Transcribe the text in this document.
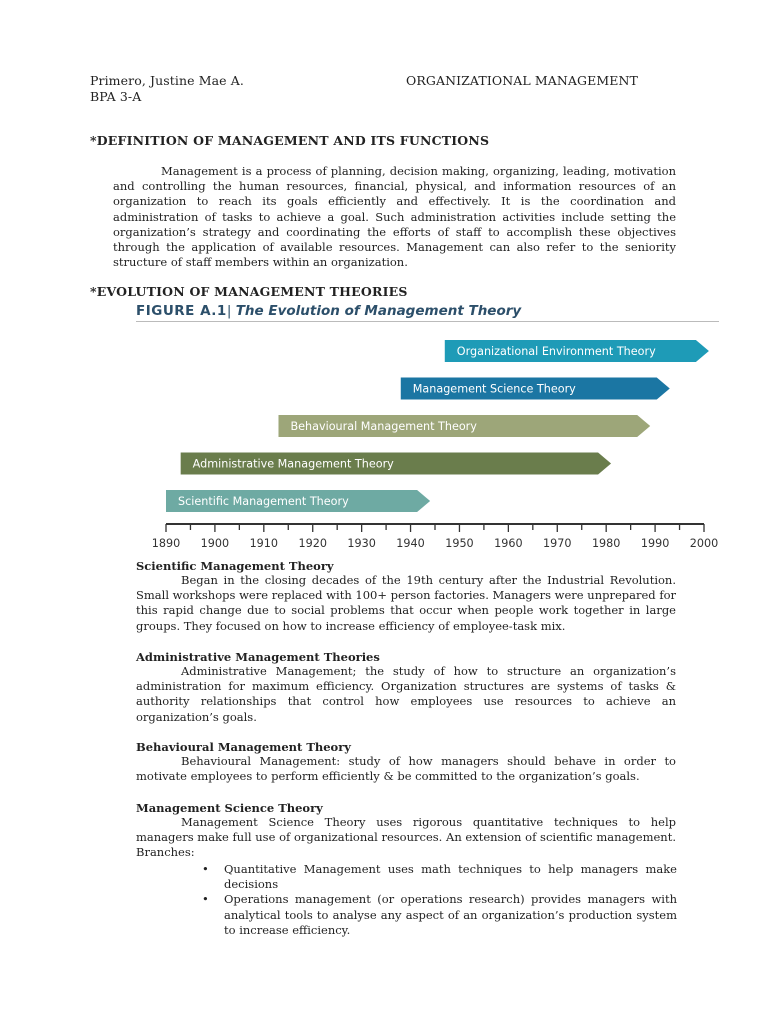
Primero, Justine Mae A.
BPA 3-A
ORGANIZATIONAL MANAGEMENT
*DEFINITION OF MANAGEMENT AND ITS FUNCTIONS
Management is a process of planning, decision making, organizing, leading, motivation and controlling the human resources, financial, physical, and information resources of an organization to reach its goals efficiently and effectively. It is the coordination and administration of tasks to achieve a goal. Such administration activities include setting the organization’s strategy and coordinating the efforts of staff to accomplish these objectives through the application of available resources. Management can also refer to the seniority structure of staff members within an organization.
*EVOLUTION OF MANAGEMENT THEORIES
FIGURE A.1| The Evolution of Management Theory
Organizational Environment Theory
Management Science Theory
Behavioural Management Theory
Administrative Management Theory
Scientific Management Theory
1890 1900 1910 1920 1930 1940 1950 1960 1970 1980 1990 2000
Scientific Management Theory
Began in the closing decades of the 19th century after the Industrial Revolution. Small workshops were replaced with 100+ person factories. Managers were unprepared for this rapid change due to social problems that occur when people work together in large groups. They focused on how to increase efficiency of employee-task mix.
Administrative Management Theories
Administrative Management; the study of how to structure an organization’s administration for maximum efficiency. Organization structures are systems of tasks & authority relationships that control how employees use resources to achieve an organization’s goals.
Behavioural Management Theory
Behavioural Management: study of how managers should behave in order to motivate employees to perform efficiently & be committed to the organization’s goals.
Management Science Theory
Management Science Theory uses rigorous quantitative techniques to help managers make full use of organizational resources. An extension of scientific management. Branches:
• Quantitative Management uses math techniques to help managers make decisions
• Operations management (or operations research) provides managers with analytical tools to analyse any aspect of an organization’s production system to increase efficiency.
